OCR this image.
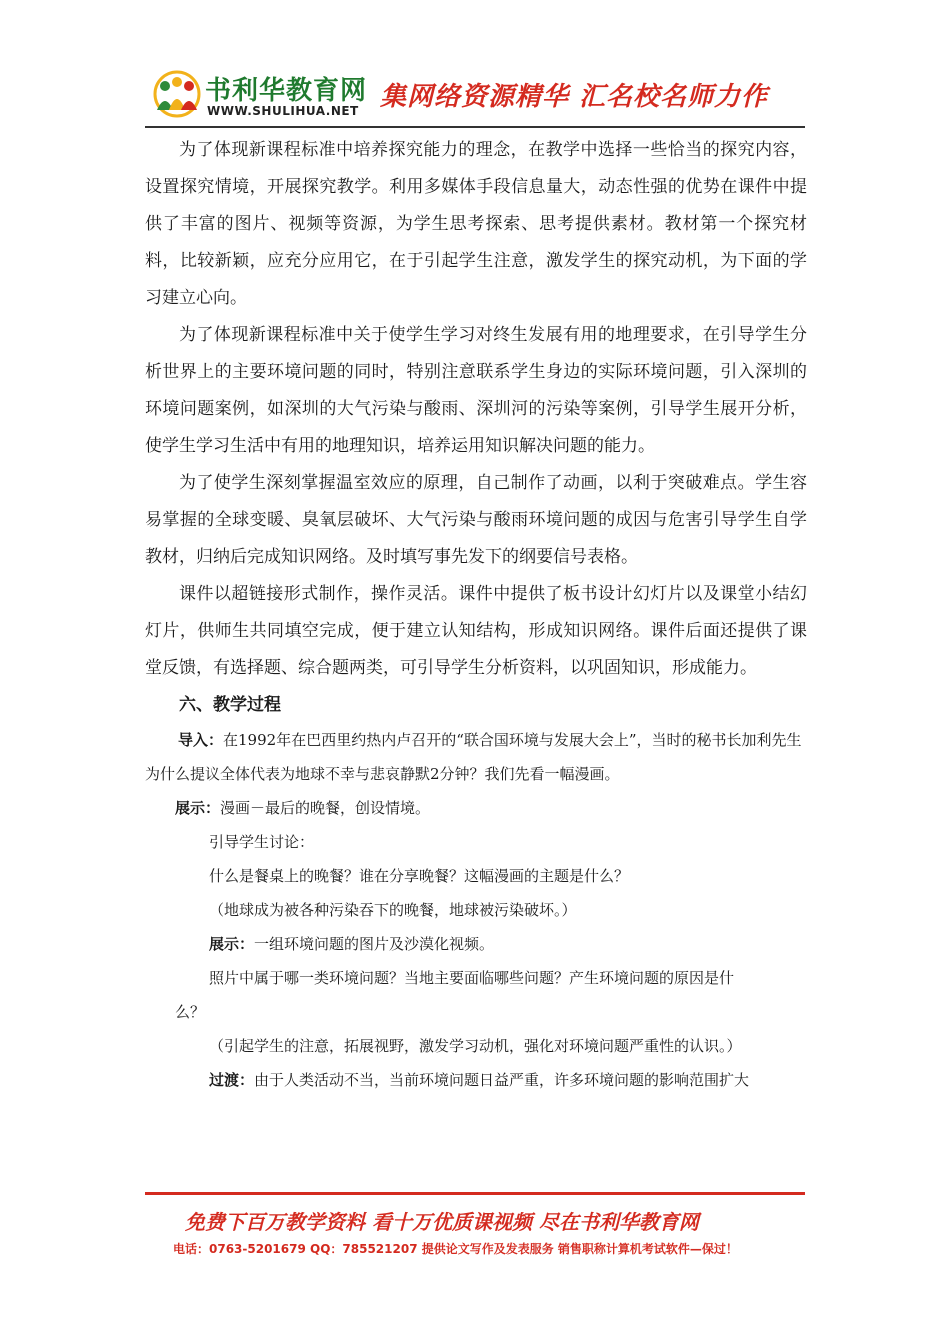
书利华教育网
WWW.SHULIHUA.NET 集网络资源精华 汇名校名师力作

为了体现新课程标准中培养探究能力的理念，在教学中选择一些恰当的探究内容，设置探究情境，开展探究教学。利用多媒体手段信息量大，动态性强的优势在课件中提供了丰富的图片、视频等资源，为学生思考探索、思考提供素材。教材第一个探究材料，比较新颖，应充分应用它，在于引起学生注意，激发学生的探究动机，为下面的学习建立心向。

为了体现新课程标准中关于使学生学习对终生发展有用的地理要求，在引导学生分析世界上的主要环境问题的同时，特别注意联系学生身边的实际环境问题，引入深圳的环境问题案例，如深圳的大气污染与酸雨、深圳河的污染等案例，引导学生展开分析，使学生学习生活中有用的地理知识，培养运用知识解决问题的能力。

为了使学生深刻掌握温室效应的原理，自己制作了动画，以利于突破难点。学生容易掌握的全球变暖、臭氧层破坏、大气污染与酸雨环境问题的成因与危害引导学生自学教材，归纳后完成知识网络。及时填写事先发下的纲要信号表格。

课件以超链接形式制作，操作灵活。课件中提供了板书设计幻灯片以及课堂小结幻灯片，供师生共同填空完成，便于建立认知结构，形成知识网络。课件后面还提供了课堂反馈，有选择题、综合题两类，可引导学生分析资料，以巩固知识，形成能力。

六、教学过程

导入：在1992年在巴西里约热内卢召开的“联合国环境与发展大会上”，当时的秘书长加利先生为什么提议全体代表为地球不幸与悲哀静默2分钟？我们先看一幅漫画。

展示：漫画－最后的晚餐，创设情境。

引导学生讨论：

什么是餐桌上的晚餐？谁在分享晚餐？这幅漫画的主题是什么？

（地球成为被各种污染吞下的晚餐，地球被污染破坏。）

展示：一组环境问题的图片及沙漠化视频。

照片中属于哪一类环境问题？当地主要面临哪些问题？产生环境问题的原因是什

么？

（引起学生的注意，拓展视野，激发学习动机，强化对环境问题严重性的认识。）

过渡：由于人类活动不当，当前环境问题日益严重，许多环境问题的影响范围扩大

免费下百万教学资料 看十万优质课视频 尽在书利华教育网
电话：0763-5201679 QQ：785521207 提供论文写作及发表服务 销售职称计算机考试软件—保过！
